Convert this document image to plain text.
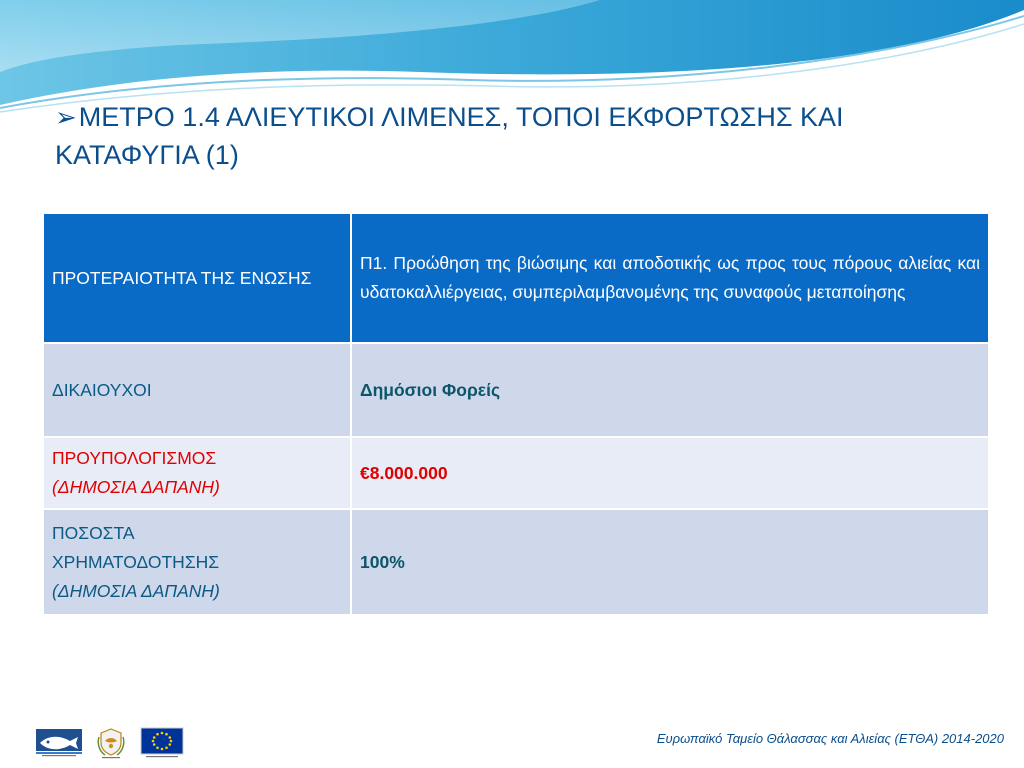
➢ΜΕΤΡΟ 1.4 ΑΛΙΕΥΤΙΚΟΙ ΛΙΜΕΝΕΣ, ΤΟΠΟΙ ΕΚΦΟΡΤΩΣΗΣ ΚΑΙ
ΚΑΤΑΦΥΓΙΑ (1)
ΠΡΟΤΕΡΑΙΟΤΗΤΑ ΤΗΣ ΕΝΩΣΗΣ	Π1. Προώθηση της βιώσιμης και αποδοτικής ως προς τους πόρους αλιείας και υδατοκαλλιέργειας, συμπεριλαμβανομένης της συναφούς μεταποίησης
ΔΙΚΑΙΟΥΧΟΙ	Δημόσιοι Φορείς

ΠΡΟΥΠΟΛΟΓΙΣΜΟΣ
(ΔΗΜΟΣΙΑ ΔΑΠΑΝΗ)	€8.000.000

ΠΟΣΟΣΤΑ
ΧΡΗΜΑΤΟΔΟΤΗΣΗΣ
(ΔΗΜΟΣΙΑ ΔΑΠΑΝΗ)	100%
Ευρωπαϊκό Ταμείο Θάλασσας και Αλιείας (ΕΤΘΑ) 2014-2020
